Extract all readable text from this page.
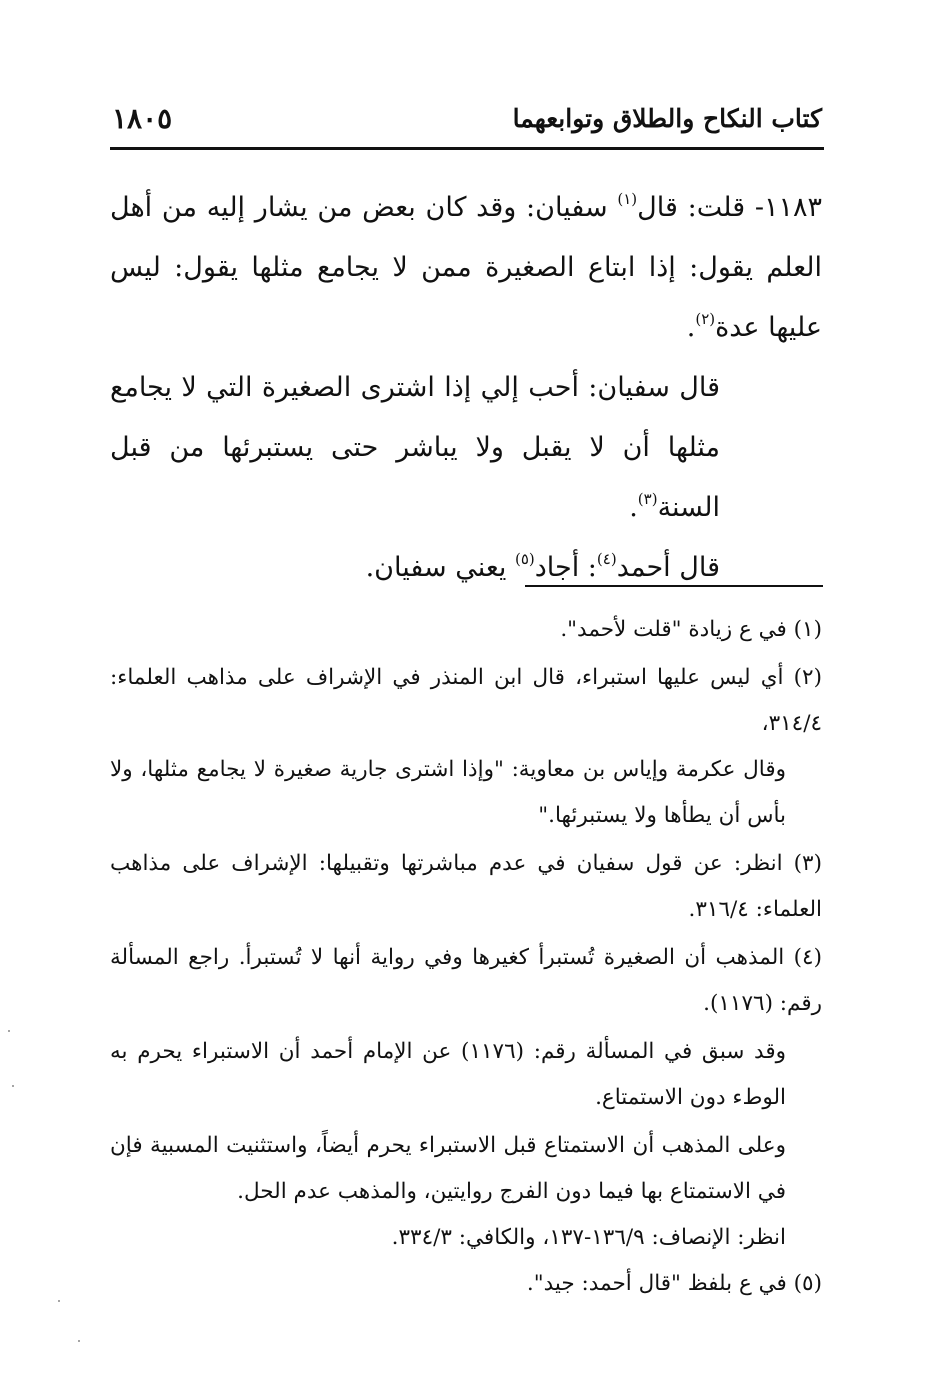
كتاب النكاح والطلاق وتوابعهما
١٨٠٥

١١٨٣- قلت: قال$^{(١)}$ سفيان: وقد كان بعض من يشار إليه من أهل العلم يقول: إذا ابتاع الصغيرة ممن لا يجامع مثلها يقول: ليس عليها عدة$^{(٢)}$.

قال سفيان: أحب إلي إذا اشترى الصغيرة التي لا يجامع مثلها أن لا يقبل ولا يباشر حتى يستبرئها من قبل السنة$^{(٣)}$.

قال أحمد$^{(٤)}$: أجاد$^{(٥)}$ يعني سفيان.

(١) في ع زيادة "قلت لأحمد".

(٢) أي ليس عليها استبراء، قال ابن المنذر في الإشراف على مذاهب العلماء: ٣١٤/٤،

وقال عكرمة وإياس بن معاوية: "وإذا اشترى جارية صغيرة لا يجامع مثلها، ولا بأس أن يطأها ولا يستبرئها."

(٣) انظر: عن قول سفيان في عدم مباشرتها وتقبيلها: الإشراف على مذاهب العلماء: ٣١٦/٤.

(٤) المذهب أن الصغيرة تُستبرأ كغيرها وفي رواية أنها لا تُستبرأ. راجع المسألة رقم: (١١٧٦).

وقد سبق في المسألة رقم: (١١٧٦) عن الإمام أحمد أن الاستبراء يحرم به الوطء دون الاستمتاع.

وعلى المذهب أن الاستمتاع قبل الاستبراء يحرم أيضاً، واستثنيت المسبية فإن في الاستمتاع بها فيما دون الفرج روايتين، والمذهب عدم الحل.

انظر: الإنصاف: ١٣٦/٩-١٣٧، والكافي: ٣٣٤/٣.

(٥) في ع بلفظ "قال أحمد: جيد".
